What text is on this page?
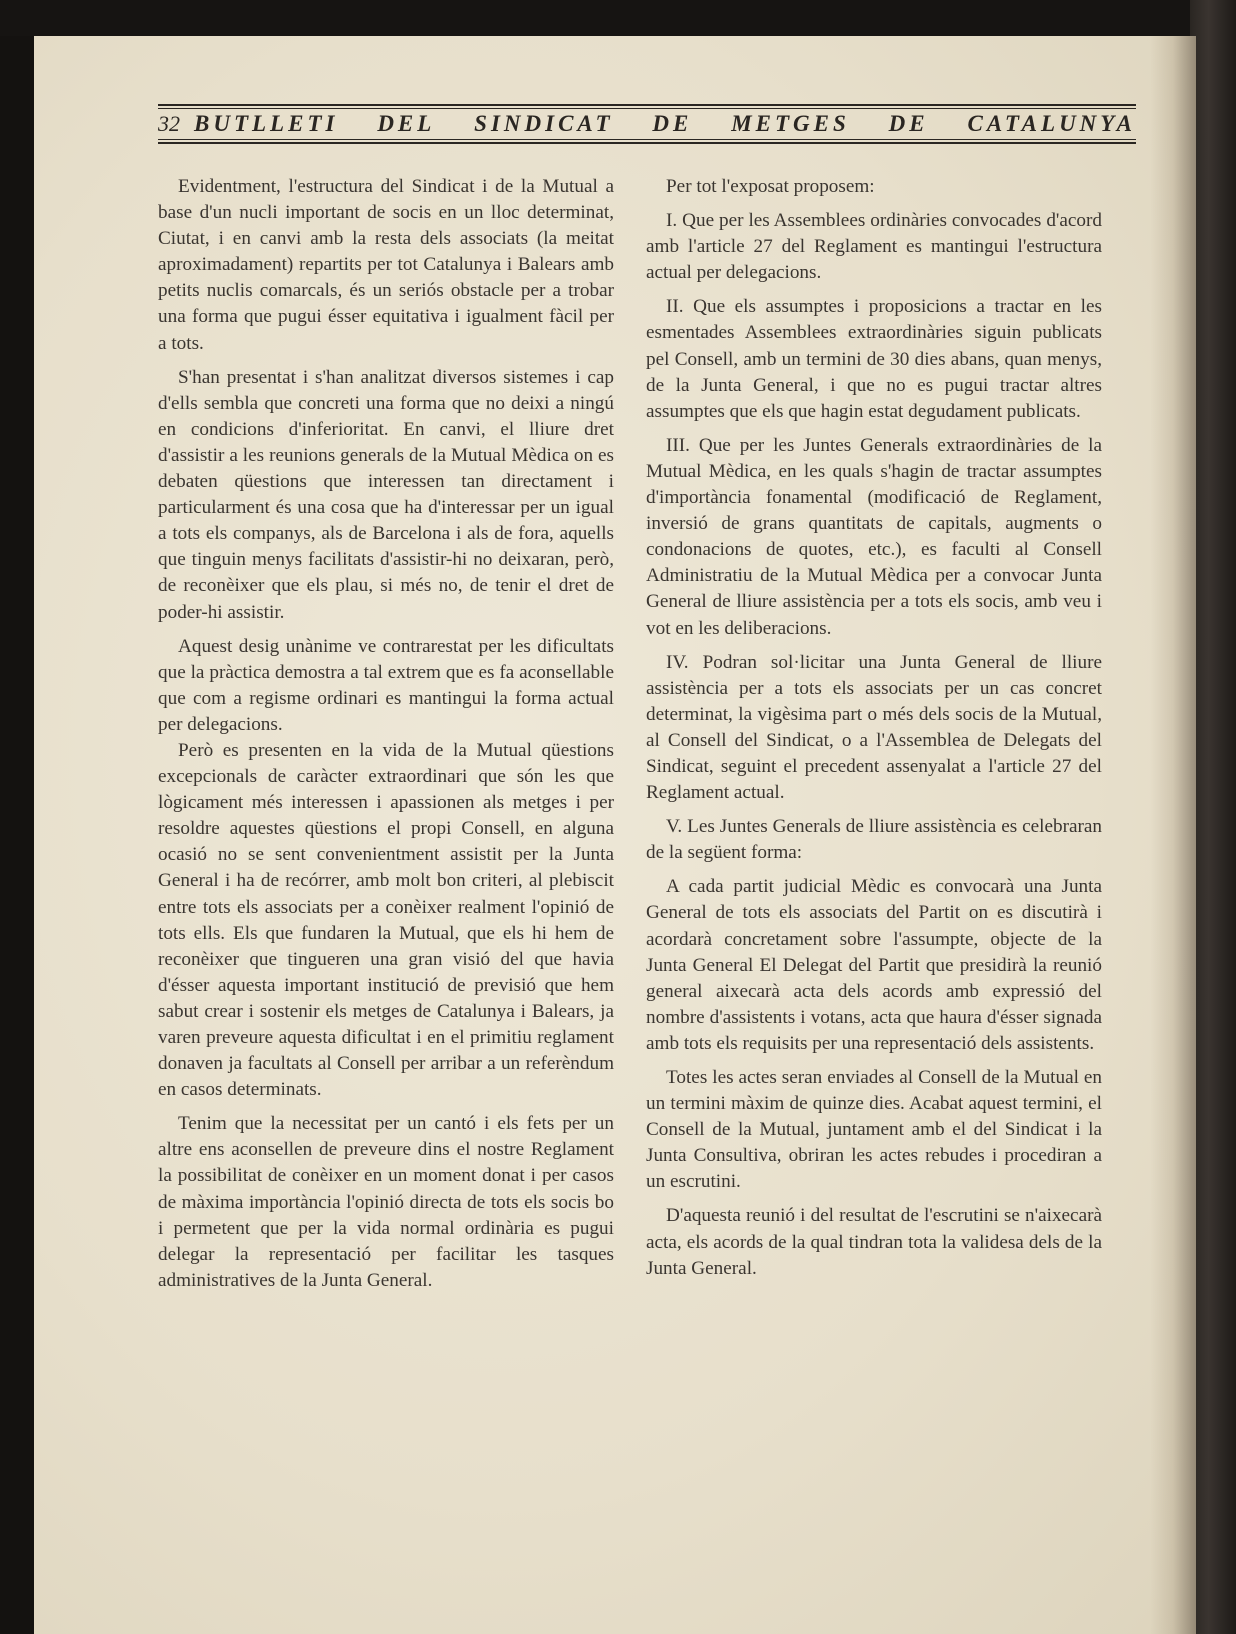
32 BUTLLETI DEL SINDICAT DE METGES DE CATALUNYA

Evidentment, l'estructura del Sindicat i de la Mutual a base d'un nucli important de socis en un lloc determinat, Ciutat, i en canvi amb la resta dels associats (la meitat aproximadament) repartits per tot Catalunya i Balears amb petits nuclis comarcals, és un seriós obstacle per a trobar una forma que pugui ésser equitativa i igualment fàcil per a tots.

S'han presentat i s'han analitzat diversos sistemes i cap d'ells sembla que concreti una forma que no deixi a ningú en condicions d'inferioritat. En canvi, el lliure dret d'assistir a les reunions generals de la Mutual Mèdica on es debaten qüestions que interessen tan directament i particularment és una cosa que ha d'interessar per un igual a tots els companys, als de Barcelona i als de fora, aquells que tinguin menys facilitats d'assistir-hi no deixaran, però, de reconèixer que els plau, si més no, de tenir el dret de poder-hi assistir.

Aquest desig unànime ve contrarestat per les dificultats que la pràctica demostra a tal extrem que es fa aconsellable que com a regisme ordinari es mantingui la forma actual per delegacions.

Però es presenten en la vida de la Mutual qüestions excepcionals de caràcter extraordinari que són les que lògicament més interessen i apassionen als metges i per resoldre aquestes qüestions el propi Consell, en alguna ocasió no se sent convenientment assistit per la Junta General i ha de recórrer, amb molt bon criteri, al plebiscit entre tots els associats per a conèixer realment l'opinió de tots ells. Els que fundaren la Mutual, que els hi hem de reconèixer que tingueren una gran visió del que havia d'ésser aquesta important institució de previsió que hem sabut crear i sostenir els metges de Catalunya i Balears, ja varen preveure aquesta dificultat i en el primitiu reglament donaven ja facultats al Consell per arribar a un referèndum en casos determinats.

Tenim que la necessitat per un cantó i els fets per un altre ens aconsellen de preveure dins el nostre Reglament la possibilitat de conèixer en un moment donat i per casos de màxima importància l'opinió directa de tots els socis bo i permetent que per la vida normal ordinària es pugui delegar la representació per facilitar les tasques administratives de la Junta General.

Per tot l'exposat proposem:

I. Que per les Assemblees ordinàries convocades d'acord amb l'article 27 del Reglament es mantingui l'estructura actual per delegacions.

II. Que els assumptes i proposicions a tractar en les esmentades Assemblees extraordinàries siguin publicats pel Consell, amb un termini de 30 dies abans, quan menys, de la Junta General, i que no es pugui tractar altres assumptes que els que hagin estat degudament publicats.

III. Que per les Juntes Generals extraordinàries de la Mutual Mèdica, en les quals s'hagin de tractar assumptes d'importància fonamental (modificació de Reglament, inversió de grans quantitats de capitals, augments o condonacions de quotes, etc.), es faculti al Consell Administratiu de la Mutual Mèdica per a convocar Junta General de lliure assistència per a tots els socis, amb veu i vot en les deliberacions.

IV. Podran sol·licitar una Junta General de lliure assistència per a tots els associats per un cas concret determinat, la vigèsima part o més dels socis de la Mutual, al Consell del Sindicat, o a l'Assemblea de Delegats del Sindicat, seguint el precedent assenyalat a l'article 27 del Reglament actual.

V. Les Juntes Generals de lliure assistència es celebraran de la següent forma:

A cada partit judicial Mèdic es convocarà una Junta General de tots els associats del Partit on es discutirà i acordarà concretament sobre l'assumpte, objecte de la Junta General El Delegat del Partit que presidirà la reunió general aixecarà acta dels acords amb expressió del nombre d'assistents i votans, acta que haura d'ésser signada amb tots els requisits per una representació dels assistents.

Totes les actes seran enviades al Consell de la Mutual en un termini màxim de quinze dies. Acabat aquest termini, el Consell de la Mutual, juntament amb el del Sindicat i la Junta Consultiva, obriran les actes rebudes i procediran a un escrutini.

D'aquesta reunió i del resultat de l'escrutini se n'aixecarà acta, els acords de la qual tindran tota la validesa dels de la Junta General.
